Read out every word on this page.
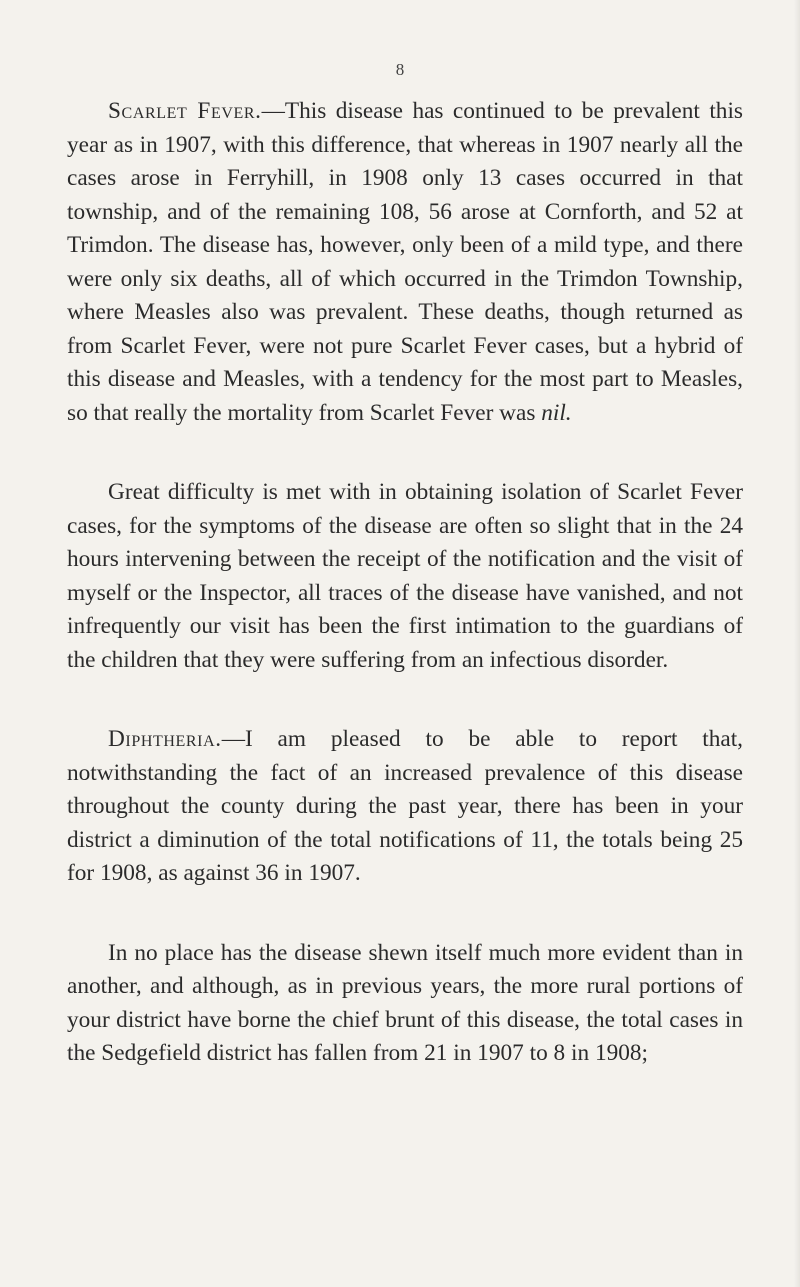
8

Scarlet Fever.—This disease has continued to be prevalent this year as in 1907, with this difference, that whereas in 1907 nearly all the cases arose in Ferryhill, in 1908 only 13 cases occurred in that township, and of the remaining 108, 56 arose at Cornforth, and 52 at Trimdon. The disease has, however, only been of a mild type, and there were only six deaths, all of which occurred in the Trimdon Township, where Measles also was prevalent. These deaths, though returned as from Scarlet Fever, were not pure Scarlet Fever cases, but a hybrid of this disease and Measles, with a tendency for the most part to Measles, so that really the mortality from Scarlet Fever was nil.

Great difficulty is met with in obtaining isolation of Scarlet Fever cases, for the symptoms of the disease are often so slight that in the 24 hours intervening between the receipt of the notification and the visit of myself or the Inspector, all traces of the disease have vanished, and not infrequently our visit has been the first intimation to the guardians of the children that they were suffering from an infectious disorder.

Diphtheria.—I am pleased to be able to report that, notwithstanding the fact of an increased prevalence of this disease throughout the county during the past year, there has been in your district a diminution of the total notifications of 11, the totals being 25 for 1908, as against 36 in 1907.

In no place has the disease shewn itself much more evident than in another, and although, as in previous years, the more rural portions of your district have borne the chief brunt of this disease, the total cases in the Sedgefield district has fallen from 21 in 1907 to 8 in 1908;
